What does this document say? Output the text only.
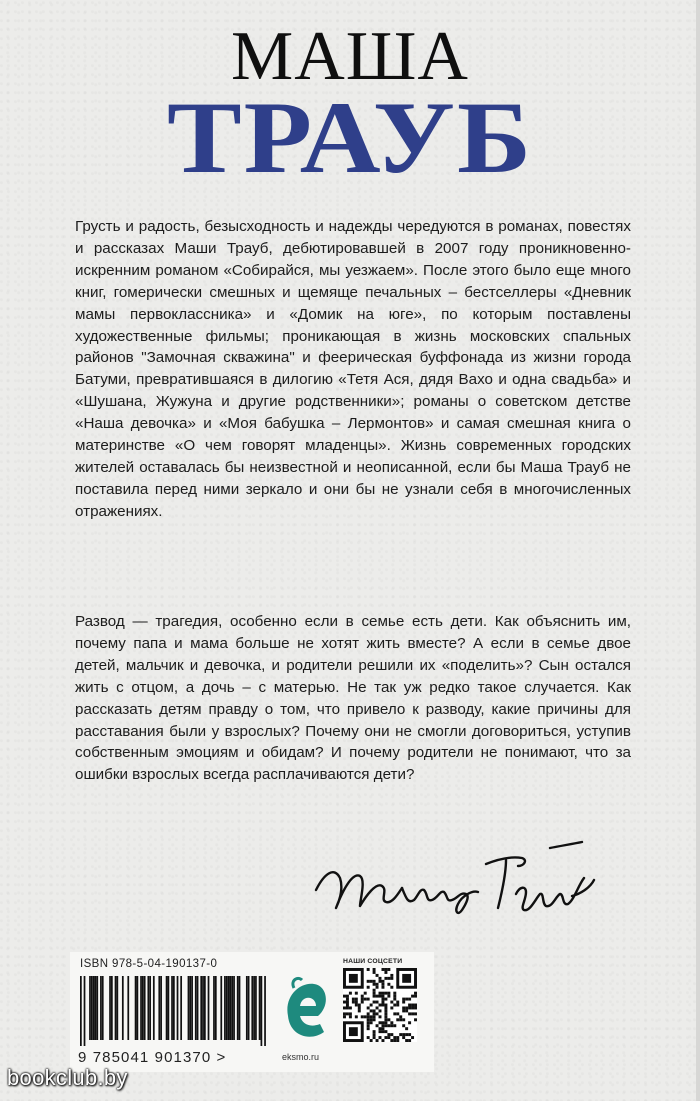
МАША
ТРАУБ

Грусть и радость, безысходность и надежды чередуются в романах, повестях и рассказах Маши Трауб, дебютировавшей в 2007 году проникновенно-искренним романом «Собирайся, мы уезжаем». После этого было еще много книг, гомерически смешных и щемяще печальных – бестселлеры «Дневник мамы первоклассника» и «Домик на юге», по которым поставлены художественные фильмы; проникающая в жизнь московских спальных районов "Замочная скважина" и феерическая буффонада из жизни города Батуми, превратившаяся в дилогию «Тетя Ася, дядя Вахо и одна свадьба» и «Шушана, Жужуна и другие родственники»; романы о советском детстве «Наша девочка» и «Моя бабушка – Лермонтов» и самая смешная книга о материнстве «О чем говорят младенцы». Жизнь современных городских жителей оставалась бы неизвестной и неописанной, если бы Маша Трауб не поставила перед ними зеркало и они бы не узнали себя в многочисленных отражениях.

Развод — трагедия, особенно если в семье есть дети. Как объяснить им, почему папа и мама больше не хотят жить вместе? А если в семье двое детей, мальчик и девочка, и родители решили их «поделить»? Сын остался жить с отцом, а дочь – с матерью. Не так уж редко такое случается. Как рассказать детям правду о том, что привело к разводу, какие причины для расставания были у взрослых? Почему они не смогли договориться, уступив собственным эмоциям и обидам? И почему родители не понимают, что за ошибки взрослых всегда расплачиваются дети?

ISBN 978-5-04-190137-0
9 785041 901370 >	eksmo.ru
НАШИ СОЦСЕТИ
bookclub.by
